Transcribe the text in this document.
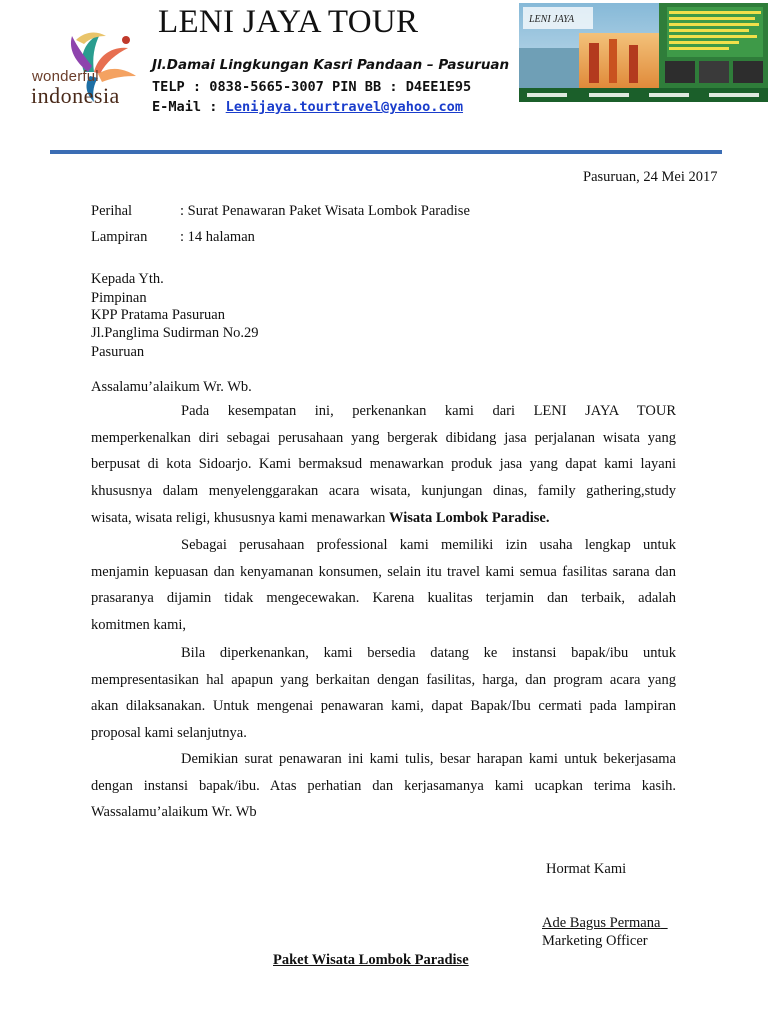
wonderful
indonesia
LENI JAYA TOUR
Jl.Damai Lingkungan Kasri Pandaan – Pasuruan
TELP : 0838-5665-3007 PIN BB : D4EE1E95
E-Mail : Lenijaya.tourtravel@yahoo.com
LENI JAYA
Pasuruan, 24 Mei 2017
Perihal	: Surat Penawaran Paket Wisata Lombok Paradise
Lampiran : 14 halaman
Kepada Yth.
Pimpinan
KPP Pratama Pasuruan
Jl.Panglima Sudirman No.29
Pasuruan
Assalamu’alaikum Wr. Wb.
Pada kesempatan ini, perkenankan kami dari LENI JAYA TOUR
memperkenalkan diri sebagai perusahaan yang bergerak dibidang jasa perjalanan wisata yang
berpusat di kota Sidoarjo. Kami bermaksud menawarkan produk jasa yang dapat kami layani
khususnya dalam menyelenggarakan acara wisata, kunjungan dinas, family gathering,study
wisata, wisata religi, khususnya kami menawarkan Wisata Lombok Paradise.
Sebagai perusahaan professional kami memiliki izin usaha lengkap untuk
menjamin kepuasan dan kenyamanan konsumen, selain itu travel kami semua fasilitas sarana dan
prasaranya dijamin tidak mengecewakan. Karena kualitas terjamin dan terbaik, adalah
komitmen kami,
Bila diperkenankan, kami bersedia datang ke instansi bapak/ibu untuk
mempresentasikan hal apapun yang berkaitan dengan fasilitas, harga, dan program acara yang
akan dilaksanakan. Untuk mengenai penawaran kami, dapat Bapak/Ibu cermati pada lampiran
proposal kami selanjutnya.
Demikian surat penawaran ini kami tulis, besar harapan kami untuk bekerjasama
dengan instansi bapak/ibu. Atas perhatian dan kerjasamanya kami ucapkan terima kasih.
Wassalamu’alaikum Wr. Wb
Hormat Kami
Ade Bagus Permana
Marketing Officer
Paket Wisata Lombok Paradise
